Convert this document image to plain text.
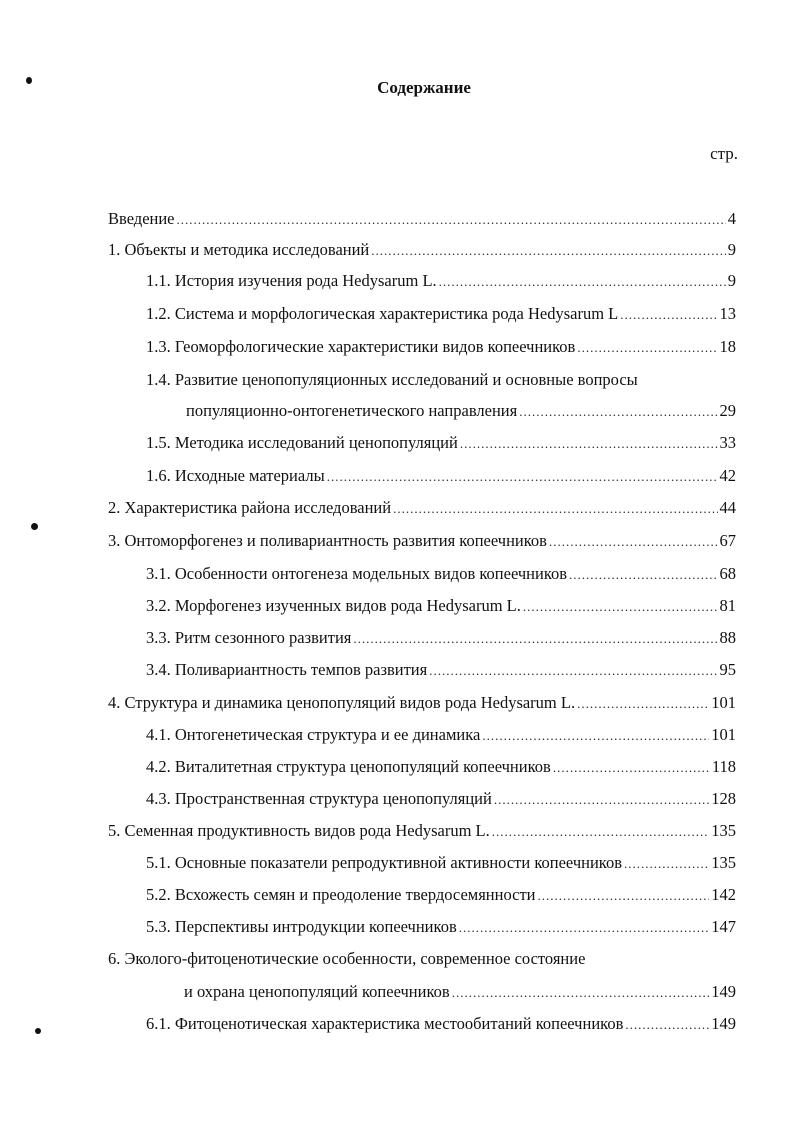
Содержание
стр.
Введение .....	4
1. Объекты и методика исследований .....	9
1.1. История изучения рода Hedysarum L. .....	9
1.2. Система и морфологическая характеристика рода Hedysarum L .....	13
1.3. Геоморфологические характеристики видов копеечников .....	18
1.4. Развитие ценопопуляционных исследований и основные вопросы
популяционно-онтогенетического направления .....	29
1.5. Методика исследований ценопопуляций .....	33
1.6. Исходные материалы .....	42
2. Характеристика района исследований .....	44
3. Онтоморфогенез и поливариантность развития копеечников .....	67
3.1. Особенности онтогенеза модельных видов копеечников .....	68
3.2. Морфогенез изученных видов рода Hedysarum L. .....	81
3.3. Ритм сезонного развития .....	88
3.4. Поливариантность темпов развития .....	95
4. Структура и динамика ценопопуляций видов рода Hedysarum L. .....	101
4.1. Онтогенетическая структура и ее динамика .....	101
4.2. Виталитетная структура ценопопуляций копеечников .....	118
4.3. Пространственная структура ценопопуляций .....	128
5. Семенная продуктивность видов рода Hedysarum L. .....	135
5.1. Основные показатели репродуктивной активности копеечников .....	135
5.2. Всхожесть семян и преодоление твердосемянности .....	142
5.3. Перспективы интродукции копеечников .....	147
6. Эколого-фитоценотические особенности, современное состояние
и охрана ценопопуляций копеечников .....	149
6.1. Фитоценотическая характеристика местообитаний копеечников .....	149
